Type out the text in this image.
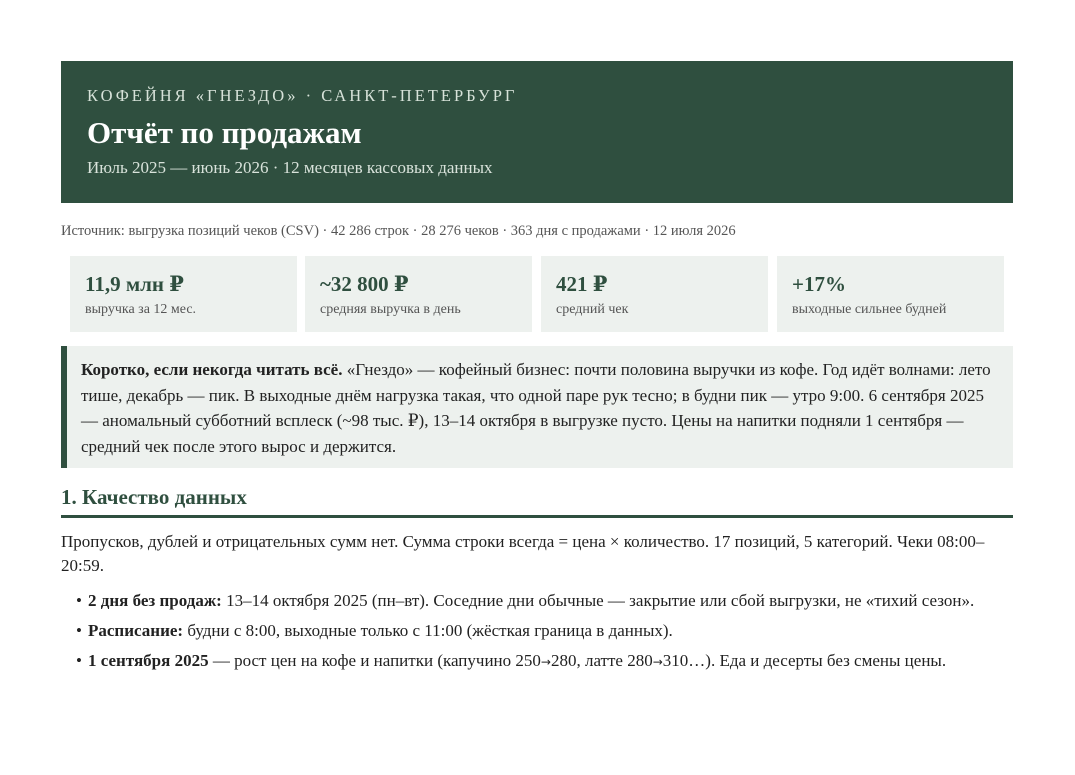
КОФЕЙНЯ «ГНЕЗДО» · САНКТ-ПЕТЕРБУРГ
Отчёт по продажам
Июль 2025 — июнь 2026 · 12 месяцев кассовых данных
Источник: выгрузка позиций чеков (CSV) · 42 286 строк · 28 276 чеков · 363 дня с продажами · 12 июля 2026
11,9 млн ₽
выручка за 12 мес.
~32 800 ₽
средняя выручка в день
421 ₽
средний чек
+17%
выходные сильнее будней
Коротко, если некогда читать всё. «Гнездо» — кофейный бизнес: почти половина выручки из кофе. Год идёт волнами: лето тише, декабрь — пик. В выходные днём нагрузка такая, что одной паре рук тесно; в будни пик — утро 9:00. 6 сентября 2025 — аномальный субботний всплеск (~98 тыс. ₽), 13–14 октября в выгрузке пусто. Цены на напитки подняли 1 сентября — средний чек после этого вырос и держится.
1. Качество данных
Пропусков, дублей и отрицательных сумм нет. Сумма строки всегда = цена × количество. 17 позиций, 5 категорий. Чеки 08:00–20:59.
• 2 дня без продаж: 13–14 октября 2025 (пн–вт). Соседние дни обычные — закрытие или сбой выгрузки, не «тихий сезон».
• Расписание: будни с 8:00, выходные только с 11:00 (жёсткая граница в данных).
• 1 сентября 2025 — рост цен на кофе и напитки (капучино 250→280, латте 280→310…). Еда и десерты без смены цены.
